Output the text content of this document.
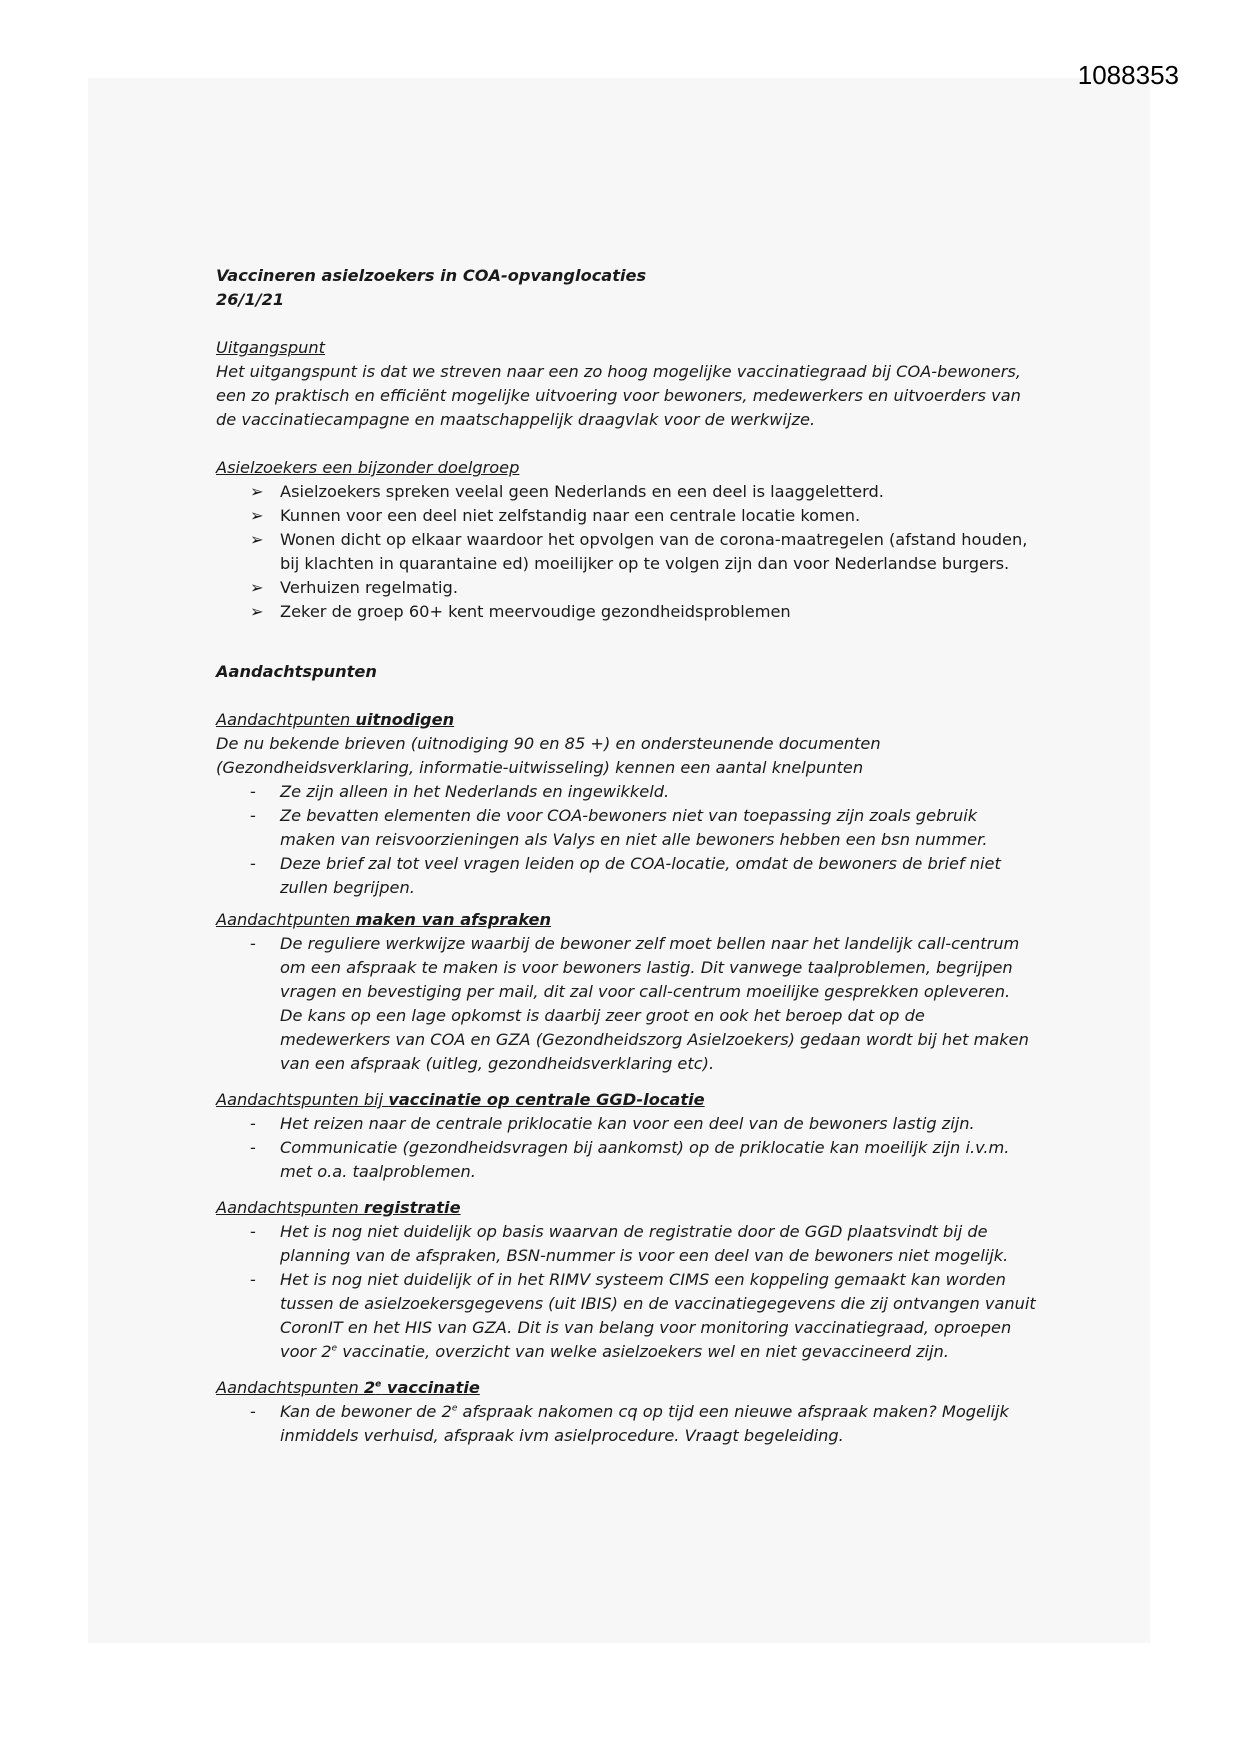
1088353
Vaccineren asielzoekers in COA-opvanglocaties
26/1/21
Uitgangspunt
Het uitgangspunt is dat we streven naar een zo hoog mogelijke vaccinatiegraad bij COA-bewoners, een zo praktisch en efficiënt mogelijke uitvoering voor bewoners, medewerkers en uitvoerders van de vaccinatiecampagne en maatschappelijk draagvlak voor de werkwijze.
Asielzoekers een bijzonder doelgroep
➢ Asielzoekers spreken veelal geen Nederlands en een deel is laaggeletterd.
➢ Kunnen voor een deel niet zelfstandig naar een centrale locatie komen.
➢ Wonen dicht op elkaar waardoor het opvolgen van de corona-maatregelen (afstand houden, bij klachten in quarantaine ed) moeilijker op te volgen zijn dan voor Nederlandse burgers.
➢ Verhuizen regelmatig.
➢ Zeker de groep 60+ kent meervoudige gezondheidsproblemen
Aandachtspunten
Aandachtpunten uitnodigen
De nu bekende brieven (uitnodiging 90 en 85 +) en ondersteunende documenten (Gezondheidsverklaring, informatie-uitwisseling) kennen een aantal knelpunten
- Ze zijn alleen in het Nederlands en ingewikkeld.
- Ze bevatten elementen die voor COA-bewoners niet van toepassing zijn zoals gebruik maken van reisvoorzieningen als Valys en niet alle bewoners hebben een bsn nummer.
- Deze brief zal tot veel vragen leiden op de COA-locatie, omdat de bewoners de brief niet zullen begrijpen.
Aandachtpunten maken van afspraken
- De reguliere werkwijze waarbij de bewoner zelf moet bellen naar het landelijk call-centrum om een afspraak te maken is voor bewoners lastig. Dit vanwege taalproblemen, begrijpen vragen en bevestiging per mail, dit zal voor call-centrum moeilijke gesprekken opleveren. De kans op een lage opkomst is daarbij zeer groot en ook het beroep dat op de medewerkers van COA en GZA (Gezondheidszorg Asielzoekers) gedaan wordt bij het maken van een afspraak (uitleg, gezondheidsverklaring etc).
Aandachtspunten bij vaccinatie op centrale GGD-locatie
- Het reizen naar de centrale priklocatie kan voor een deel van de bewoners lastig zijn.
- Communicatie (gezondheidsvragen bij aankomst) op de priklocatie kan moeilijk zijn i.v.m. met o.a. taalproblemen.
Aandachtspunten registratie
- Het is nog niet duidelijk op basis waarvan de registratie door de GGD plaatsvindt bij de planning van de afspraken, BSN-nummer is voor een deel van de bewoners niet mogelijk.
- Het is nog niet duidelijk of in het RIMV systeem CIMS een koppeling gemaakt kan worden tussen de asielzoekersgegevens (uit IBIS) en de vaccinatiegegevens die zij ontvangen vanuit CoronIT en het HIS van GZA. Dit is van belang voor monitoring vaccinatiegraad, oproepen voor 2e vaccinatie, overzicht van welke asielzoekers wel en niet gevaccineerd zijn.
Aandachtspunten 2e vaccinatie
- Kan de bewoner de 2e afspraak nakomen cq op tijd een nieuwe afspraak maken? Mogelijk inmiddels verhuisd, afspraak ivm asielprocedure. Vraagt begeleiding.
